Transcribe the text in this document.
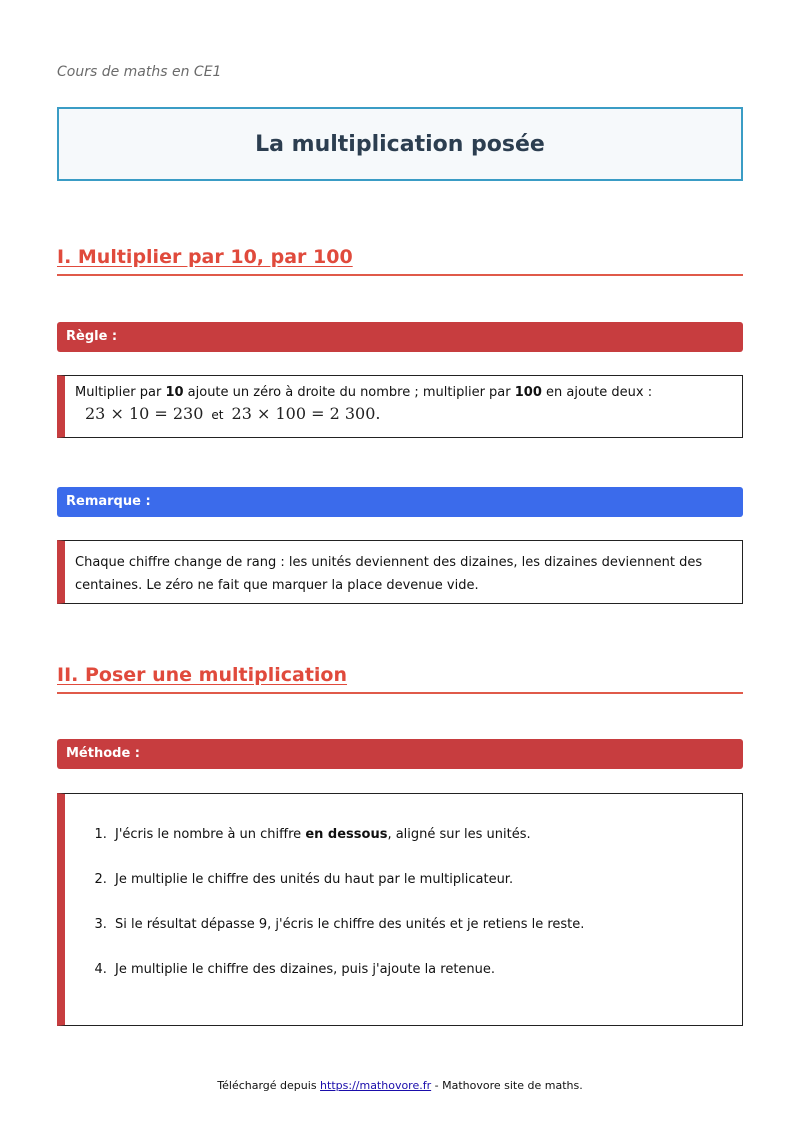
Cours de maths en CE1
La multiplication posée
I. Multiplier par 10, par 100
Règle :
Multiplier par 10 ajoute un zéro à droite du nombre ; multiplier par 100 en ajoute deux :
23 × 10 = 230 et 23 × 100 = 2 300 .
Remarque :
Chaque chiffre change de rang : les unités deviennent des dizaines, les dizaines deviennent des centaines. Le zéro ne fait que marquer la place devenue vide.
II. Poser une multiplication
Méthode :
1. J'écris le nombre à un chiffre en dessous, aligné sur les unités.
2. Je multiplie le chiffre des unités du haut par le multiplicateur.
3. Si le résultat dépasse 9, j'écris le chiffre des unités et je retiens le reste.
4. Je multiplie le chiffre des dizaines, puis j'ajoute la retenue.
Téléchargé depuis https://mathovore.fr - Mathovore site de maths.
